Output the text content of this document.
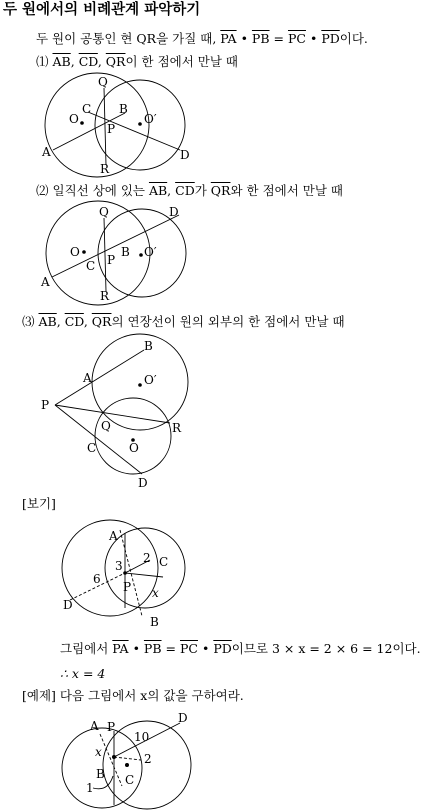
두 원에서의 비례관계 파악하기
두 원이 공통인 현 QR을 가질 때, $\overline{PA}$ • $\overline{PB} = \overline{PC}$ • $\overline{PD}$이다.
⑴ $\overline{AB}$, $\overline{CD}$, $\overline{QR}$이 한 점에서 만날 때
Q
C B
O	O′
P
A	D
R
⑵ 일직선 상에 있는 $\overline{AB}$, $\overline{CD}$가 $\overline{QR}$와 한 점에서 만날 때
Q	D
O	B O′
C P
A
R
⑶ $\overline{AB}$, $\overline{CD}$, $\overline{QR}$의 연장선이 원의 외부의 한 점에서 만날 때
B
A	O′
P
Q	R
C	O
D
[보기]
A
C
3
2
6
P x
D
B
그림에서 $\overline{PA}$ • $\overline{PB} = \overline{PC}$ • $\overline{PD}$이므로 3 × x = 2 × 6 = 12이다.
∴ x = 4
[예제] 다음 그림에서 x의 값을 구하여라.
A P
D
10
x	2
B
1
C
